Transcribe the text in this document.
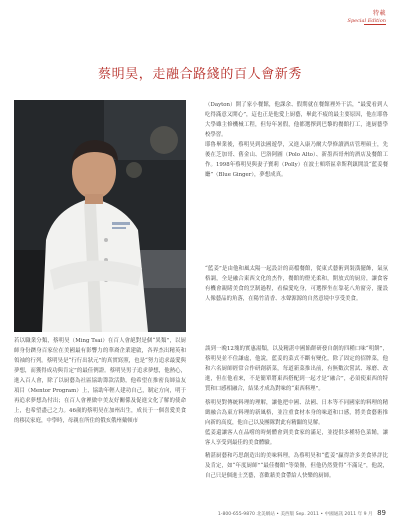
特載
Special Edition
蔡明昊，走融合路綫的百人會新秀

若以職業分類，蔡明昊（Ming Tsai）在百人會絕對是個“異類”，以厨師身份躋身百家位在美國最有影響力的華裔企業建啟，各界杰出精英和領袖的行列。蔡明昊是“行行出狀元”的真實寫照，也是“努力追求最愛與夢想，而獲得成功與肯定”的最佳例證。蔡明昊男子追求夢想，他熱心，進入百人會，除了以厨藝為社區協助籌款活動，他希望在推密良師益友項目（Mentor Program）上，協助年輕人建功自己，制定方向，明于再追求夢想為付出；在百人會裡做中美友好關係及促進文化了解的使命上，也希望盡己之力。46歲的蔡明昊在加州出生，成長于一個喜愛美食的移民家庭，中學時，母親在所住的俄亥俄州戴頓市

（Dayton）開了家小餐館，他課余、假期就在餐館裡外干活，“最愛看到人吃得滿意又開心”，這也正是他愛上厨藝，畢此不疲的最主要原因，他在耶魯大學雖主修機械工程，但每年暑假，他都選擇到巴黎的餐館打工，進厨藝學校學習。

耶魯畢業後，蔡明昊到法國遊學，又進入康乃爾大學修讀酒店管理碩士，先後在芝加哥、舊金山、巴洛阿圖（Polo Alto）、新墨西哥州的酒店及餐館工作。1998年蔡明昊與妻子寶莉（Polly）在波士頓塔區韋斯利鎮開設“藍姜餐廳”（Blue Ginger），夢想成真。

“藍姜”是由他和風太陽一起設計的高檔餐館，從東式藝術到裝潢擺飾，氣氛格調，全是融合東西文化的杰作，餐館的燈光柔和，開放式的厨房，讓食客有機會親睹美食的烹制過程，看偏愛吃身，可選擇坐在靠花八角窗旁，擺設人像藝品的角落，在陽竹清香、水聲源源的自然意境中享受美食。

談到一晚12塊的實惠湯類，以及精湛中國餡餅研發自創的四種口味“明餅”，蔡明昊並不住謙虛，他說，藍姜的菜式不斷有變化，除了固定的招牌菜，他和六名厨師經常合作研創新菜，每道新菜推出前，有無數次嘗試、琢磨、改進，但在他看來，不是簡單將東西搭配到一起才是“融合”，必須使東西的特質和口感相融合，結果才成為對味的“東西料理”。

蔡明昊對傳統料理的理解，讓他把中國、法國、日本等不同國家的料理的精緻融合為東方料理的新風格，並注重食材本身的味道和口感，將美食藝術推向新的高度，他自己以及團隊對此有精闢的見解。

藍姜還讓客人在品嚐的時刻體會到美食家的滿足，並提供多種特色菜餚，讓客人享受到最佳的美食體驗。

精湛厨藝和巧思創造出的美味料理，為蔡明昊和“藍姜”贏得許多美食界評比及肯定，如“年度厨師”“最佳餐館”等榮譽，但他仍然覺得“不滿足”，他說，自己只是個進士烹藝，喜歡藉美食帶給人快樂的厨師。

1-800-655-9870 北美網站 • 美西版 Sep. 2011 • 中國通訊 2011 年 9 月 89
